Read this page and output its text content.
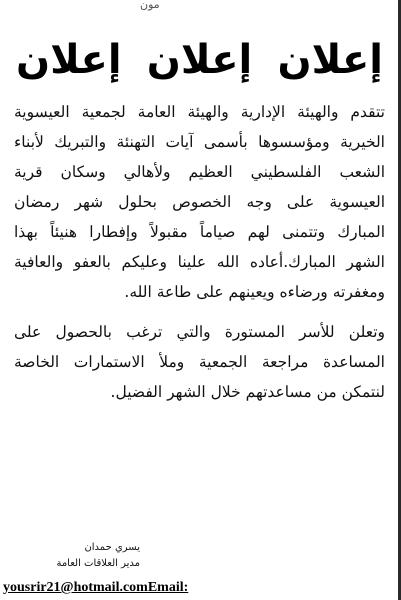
مون
إعلان
إعلان
إعلان
تتقدم والهيئة الإدارية والهيئة العامة لجمعية العيسوية
الخيرية ومؤسسوها بأسمى آيات التهنئة والتبريك لأبناء
الشعب الفلسطيني العظيم ولأهالي وسكان قرية
العيسوية على وجه الخصوص بحلول شهر رمضان
المبارك وتتمنى لهم صياماً مقبولاً وإفطارا هنيئاً بهذا
الشهر المبارك.أعاده الله علينا وعليكم بالعفو والعافية
ومغفرته ورضاءه ويعينهم على طاعة الله.
وتعلن للأسر المستورة والتي ترغب بالحصول على
المساعدة مراجعة الجمعية وملأ الاستمارات الخاصة
لنتمكن من مساعدتهم خلال الشهر الفضيل.
يسري حمدان
مدير العلاقات العامة
yousrir21@hotmail.comEmail:
